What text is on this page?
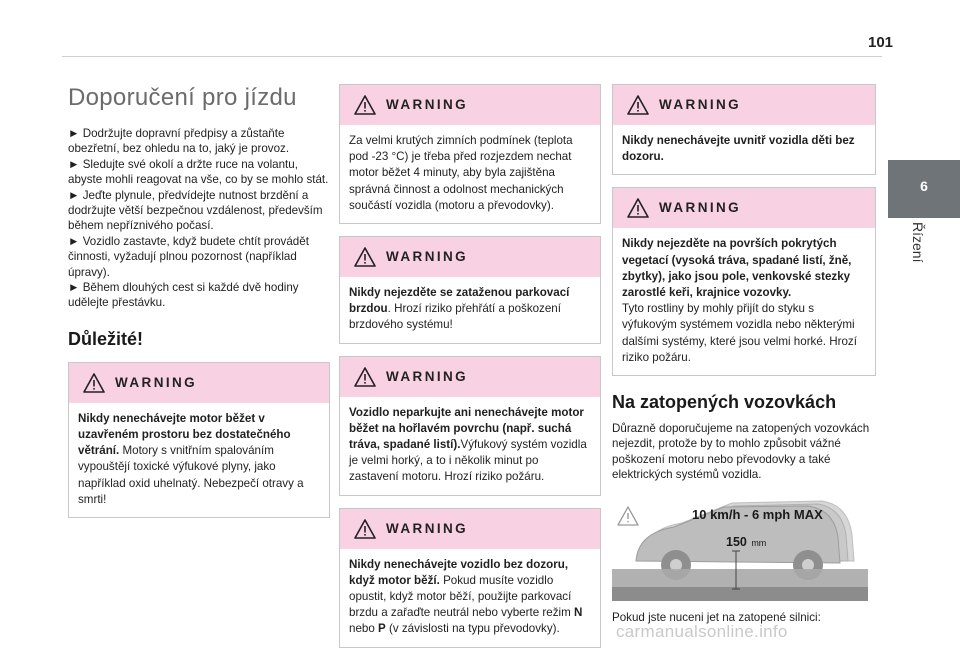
101
6
Řízení
Doporučení pro jízdu
► Dodržujte dopravní předpisy a zůstaňte obezřetní, bez ohledu na to, jaký je provoz.
► Sledujte své okolí a držte ruce na volantu, abyste mohli reagovat na vše, co by se mohlo stát.
► Jeďte plynule, předvídejte nutnost brzdění a dodržujte větší bezpečnou vzdálenost, především během nepříznivého počasí.
► Vozidlo zastavte, když budete chtít provádět činnosti, vyžadují plnou pozornost (například úpravy).
► Během dlouhých cest si každé dvě hodiny udělejte přestávku.
Důležité!
WARNING
Nikdy nenechávejte motor běžet v uzavřeném prostoru bez dostatečného větrání. Motory s vnitřním spalováním vypouštějí toxické výfukové plyny, jako například oxid uhelnatý. Nebezpečí otravy a smrti!
WARNING
Za velmi krutých zimních podmínek (teplota pod -23 °C) je třeba před rozjezdem nechat motor běžet 4 minuty, aby byla zajištěna správná činnost a odolnost mechanických součástí vozidla (motoru a převodovky).
WARNING
Nikdy nejezděte se zataženou parkovací brzdou. Hrozí riziko přehřátí a poškození brzdového systému!
WARNING
Vozidlo neparkujte ani nenechávejte motor běžet na hořlavém povrchu (např. suchá tráva, spadané listí).Výfukový systém vozidla je velmi horký, a to i několik minut po zastavení motoru. Hrozí riziko požáru.
WARNING
Nikdy nenechávejte vozidlo bez dozoru, když motor běží. Pokud musíte vozidlo opustit, když motor běží, použijte parkovací brzdu a zařaďte neutrál nebo vyberte režim N nebo P (v závislosti na typu převodovky).
WARNING
Nikdy nenechávejte uvnitř vozidla děti bez dozoru.
WARNING
Nikdy nejezděte na površích pokrytých vegetací (vysoká tráva, spadané listí, žně, zbytky), jako jsou pole, venkovské stezky zarostlé keři, krajnice vozovky.
Tyto rostliny by mohly přijít do styku s výfukovým systémem vozidla nebo některými dalšími systémy, které jsou velmi horké. Hrozí riziko požáru.
Na zatopených vozovkách
Důrazně doporučujeme na zatopených vozovkách nejezdit, protože by to mohlo způsobit vážné poškození motoru nebo převodovky a také elektrických systémů vozidla.
10 km/h - 6 mph MAX
150 mm
Pokud jste nuceni jet na zatopené silnici:
carmanualsonline.info
